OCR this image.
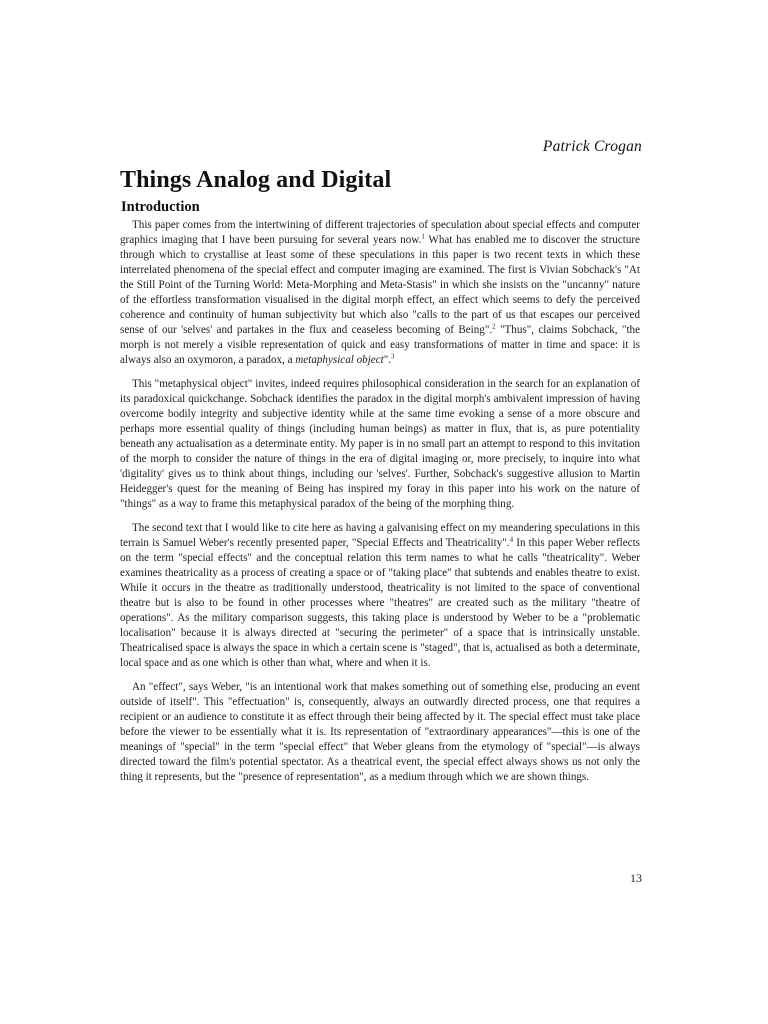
Patrick Crogan
Things Analog and Digital
Introduction

This paper comes from the intertwining of different trajectories of speculation about special effects and computer graphics imaging that I have been pursuing for several years now.$^1$ What has enabled me to discover the structure through which to crystallise at least some of these speculations in this paper is two recent texts in which these interrelated phenomena of the special effect and computer imaging are examined. The first is Vivian Sobchack's "At the Still Point of the Turning World: Meta-Morphing and Meta-Stasis" in which she insists on the "uncanny" nature of the effortless transformation visualised in the digital morph effect, an effect which seems to defy the perceived coherence and continuity of human subjectivity but which also "calls to the part of us that escapes our perceived sense of our 'selves' and partakes in the flux and ceaseless becoming of Being".$^2$ "Thus", claims Sobchack, "the morph is not merely a visible representation of quick and easy transformations of matter in time and space: it is always also an oxymoron, a paradox, a metaphysical object".$^3$

This "metaphysical object" invites, indeed requires philosophical consideration in the search for an explanation of its paradoxical quickchange. Sobchack identifies the paradox in the digital morph's ambivalent impression of having overcome bodily integrity and subjective identity while at the same time evoking a sense of a more obscure and perhaps more essential quality of things (including human beings) as matter in flux, that is, as pure potentiality beneath any actualisation as a determinate entity. My paper is in no small part an attempt to respond to this invitation of the morph to consider the nature of things in the era of digital imaging or, more precisely, to inquire into what 'digitality' gives us to think about things, including our 'selves'. Further, Sobchack's suggestive allusion to Martin Heidegger's quest for the meaning of Being has inspired my foray in this paper into his work on the nature of "things" as a way to frame this metaphysical paradox of the being of the morphing thing.

The second text that I would like to cite here as having a galvanising effect on my meandering speculations in this terrain is Samuel Weber's recently presented paper, "Special Effects and Theatricality".$^4$ In this paper Weber reflects on the term "special effects" and the conceptual relation this term names to what he calls "theatricality". Weber examines theatricality as a process of creating a space or of "taking place" that subtends and enables theatre to exist. While it occurs in the theatre as traditionally understood, theatricality is not limited to the space of conventional theatre but is also to be found in other processes where "theatres" are created such as the military "theatre of operations". As the military comparison suggests, this taking place is understood by Weber to be a "problematic localisation" because it is always directed at "securing the perimeter" of a space that is intrinsically unstable. Theatricalised space is always the space in which a certain scene is "staged", that is, actualised as both a determinate, local space and as one which is other than what, where and when it is.

An "effect", says Weber, "is an intentional work that makes something out of something else, producing an event outside of itself". This "effectuation" is, consequently, always an outwardly directed process, one that requires a recipient or an audience to constitute it as effect through their being affected by it. The special effect must take place before the viewer to be essentially what it is. Its representation of "extraordinary appearances"—this is one of the meanings of "special" in the term "special effect" that Weber gleans from the etymology of "special"—is always directed toward the film's potential spectator. As a theatrical event, the special effect always shows us not only the thing it represents, but the "presence of representation", as a medium through which we are shown things.

13
